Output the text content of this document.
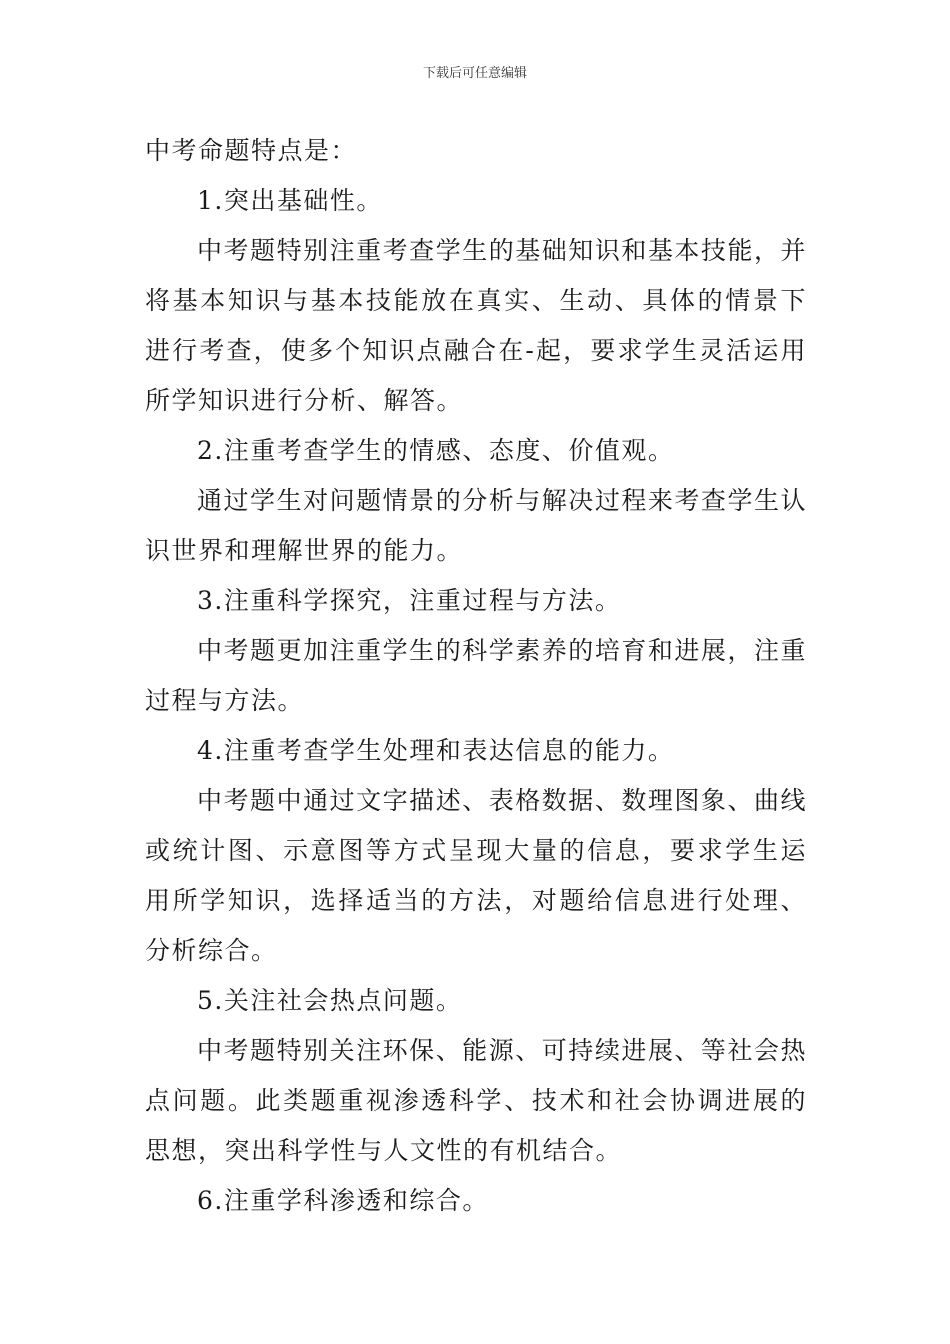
下载后可任意编辑

中考命题特点是：

1.突出基础性。

中考题特别注重考查学生的基础知识和基本技能，并将基本知识与基本技能放在真实、生动、具体的情景下进行考查，使多个知识点融合在-起，要求学生灵活运用所学知识进行分析、解答。

2.注重考查学生的情感、态度、价值观。

通过学生对问题情景的分析与解决过程来考查学生认识世界和理解世界的能力。

3.注重科学探究，注重过程与方法。

中考题更加注重学生的科学素养的培育和进展，注重过程与方法。

4.注重考查学生处理和表达信息的能力。

中考题中通过文字描述、表格数据、数理图象、曲线或统计图、示意图等方式呈现大量的信息，要求学生运用所学知识，选择适当的方法，对题给信息进行处理、分析综合。

5.关注社会热点问题。

中考题特别关注环保、能源、可持续进展、等社会热点问题。此类题重视渗透科学、技术和社会协调进展的思想，突出科学性与人文性的有机结合。

6.注重学科渗透和综合。
